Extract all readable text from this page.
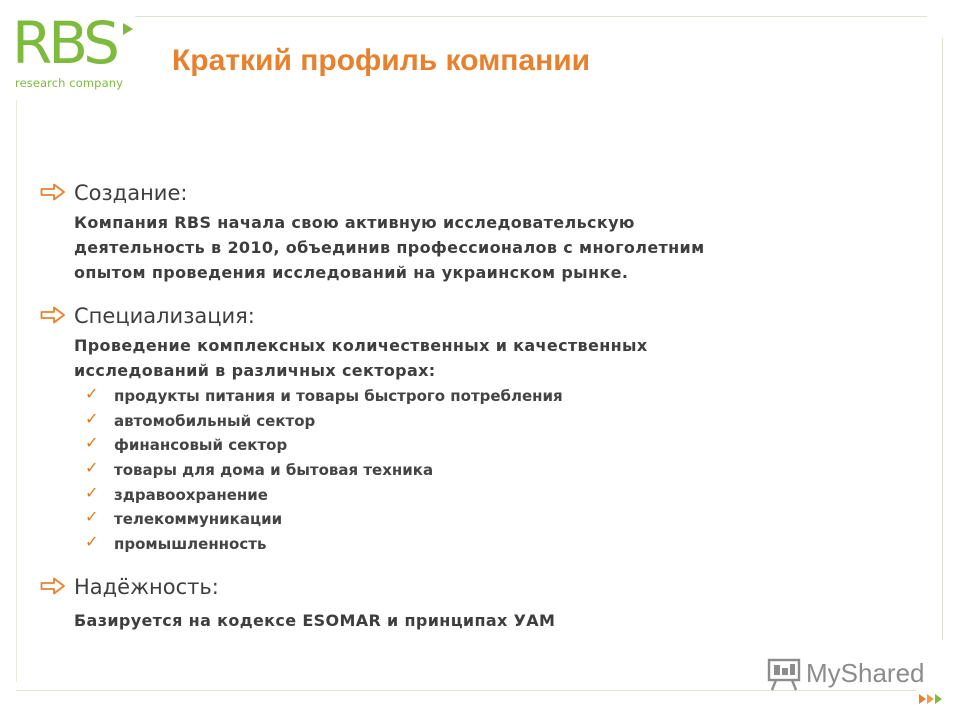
RBS
research company
Краткий профиль компании
Создание:
Компания RBS начала свою активную исследовательскую
деятельность в 2010, объединив профессионалов с многолетним
опытом проведения исследований на украинском рынке.
Специализация:
Проведение комплексных количественных и качественных
исследований в различных секторах:
✓ продукты питания и товары быстрого потребления
✓ автомобильный сектор
✓ финансовый сектор
✓ товары для дома и бытовая техника
✓ здравоохранение
✓ телекоммуникации
✓ промышленность
Надёжность:
Базируется на кодексе ESOMAR и принципах УАМ
MyShared
